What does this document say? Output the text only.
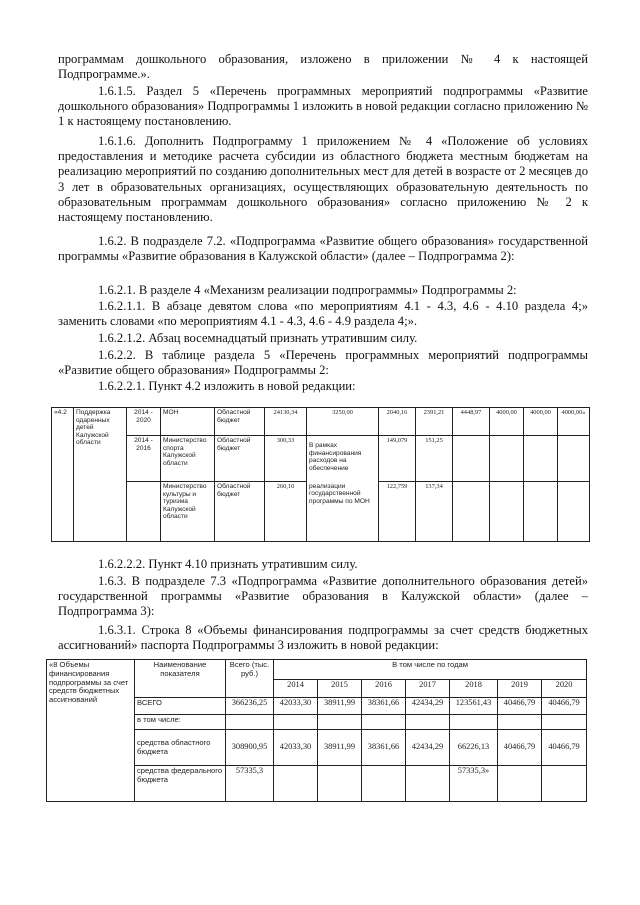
программам дошкольного образования, изложено в приложении № 4 к настоящей Подпрограмме.».

1.6.1.5. Раздел 5 «Перечень программных мероприятий подпрограммы «Развитие дошкольного образования» Подпрограммы 1 изложить в новой редакции согласно приложению № 1 к настоящему постановлению.

1.6.1.6. Дополнить Подпрограмму 1 приложением № 4 «Положение об условиях предоставления и методике расчета субсидии из областного бюджета местным бюджетам на реализацию мероприятий по созданию дополнительных мест для детей в возрасте от 2 месяцев до 3 лет в образовательных организациях, осуществляющих образовательную деятельность по образовательным программам дошкольного образования» согласно приложению № 2 к настоящему постановлению.

1.6.2. В подразделе 7.2. «Подпрограмма «Развитие общего образования» государственной программы «Развитие образования в Калужской области» (далее – Подпрограмма 2):

1.6.2.1. В разделе 4 «Механизм реализации подпрограммы» Подпрограммы 2:

1.6.2.1.1. В абзаце девятом слова «по мероприятиям 4.1 - 4.3, 4.6 - 4.10 раздела 4;» заменить словами «по мероприятиям 4.1 - 4.3, 4.6 - 4.9 раздела 4;».

1.6.2.1.2. Абзац восемнадцатый признать утратившим силу.

1.6.2.2. В таблице раздела 5 «Перечень программных мероприятий подпрограммы «Развитие общего образования» Подпрограммы 2:

1.6.2.2.1. Пункт 4.2 изложить в новой редакции:

«4.2	Поддержка одаренных детей Калужской области	2014 - 2020	МОН	Областной бюджет	24130,34	3250,00	2040,16	2391,21	4448,97	4000,00	4000,00	4000,00»	
		2014 - 2016	Министерство спорта Калужской области	Областной бюджет	300,33	В рамках финансирования расходов на обеспечение	149,079	151,25					
			Министерство культуры и туризма Калужской области	Областной бюджет	260,10	реализации государственной программы по МОН	122,759	137,34					

1.6.2.2.2. Пункт 4.10 признать утратившим силу.

1.6.3. В подразделе 7.3 «Подпрограмма «Развитие дополнительного образования детей» государственной программы «Развитие образования в Калужской области» (далее – Подпрограмма 3):

1.6.3.1. Строка 8 «Объемы финансирования подпрограммы за счет средств бюджетных ассигнований» паспорта Подпрограммы 3 изложить в новой редакции:

«8 Объемы финансирования подпрограммы за счет средств бюджетных ассигнований	Наименование показателя	Всего (тыс. руб.)	В том числе по годам						
			2014	2015	2016	2017	2018	2019	2020
	ВСЕГО	366236,25	42033,30	38911,99	38361,66	42434,29	123561,43	40466,79	40466,79
	в том числе:								
	средства областного бюджета	308900,95	42033,30	38911,99	38361,66	42434,29	66226,13	40466,79	40466,79
	средства федерального бюджета	57335,3					57335,3»		
